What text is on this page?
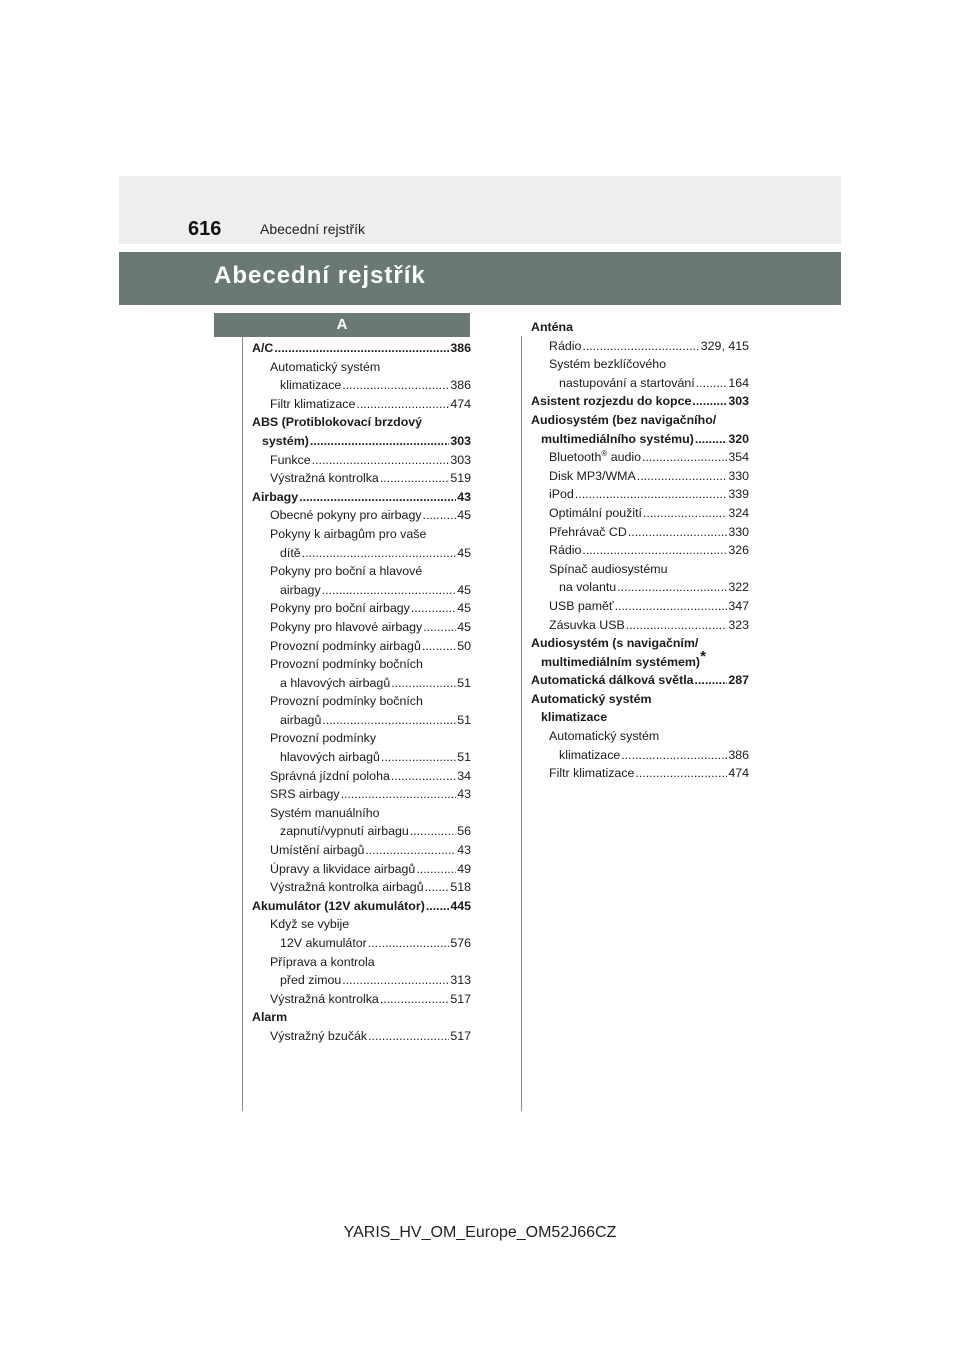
616	Abecední rejstřík
Abecední rejstřík
A
A/C .....	386
Automatický systém
klimatizace .....	386
Filtr klimatizace .....	474
ABS (Protiblokovací brzdový
systém) .....	303
Funkce .....	303
Výstražná kontrolka .....	519
Airbagy .....	43
Obecné pokyny pro airbagy .....	45
Pokyny k airbagům pro vaše
dítě .....	45
Pokyny pro boční a hlavové
airbagy .....	45
Pokyny pro boční airbagy .....	45
Pokyny pro hlavové airbagy .....	45
Provozní podmínky airbagů .....	50
Provozní podmínky bočních
a hlavových airbagů .....	51
Provozní podmínky bočních
airbagů .....	51
Provozní podmínky
hlavových airbagů .....	51
Správná jízdní poloha .....	34
SRS airbagy .....	43
Systém manuálního
zapnutí/vypnutí airbagu .....	56
Umístění airbagů .....	43
Úpravy a likvidace airbagů .....	49
Výstražná kontrolka airbagů ..... 518
Akumulátor (12V akumulátor) ..... 445
Když se vybije
12V akumulátor .....	576
Příprava a kontrola
před zimou .....	313
Výstražná kontrolka .....	517
Alarm
Výstražný bzučák .....	517
Anténa
Rádio .....	329, 415
Systém bezklíčového
nastupování a startování .....	164
Asistent rozjezdu do kopce .....	303
Audiosystém (bez navigačního/
multimediálního systému) .....	320
Bluetooth® audio .....	354
Disk MP3/WMA .....	330
iPod .....	339
Optimální použití .....	324
Přehrávač CD .....	330
Rádio .....	326
Spínač audiosystému
na volantu .....	322
USB paměť .....	347
Zásuvka USB .....	323
Audiosystém (s navigačním/
multimediálním systémem)*
Automatická dálková světla .....	287
Automatický systém
klimatizace
Automatický systém
klimatizace .....	386
Filtr klimatizace .....	474
YARIS_HV_OM_Europe_OM52J66CZ
